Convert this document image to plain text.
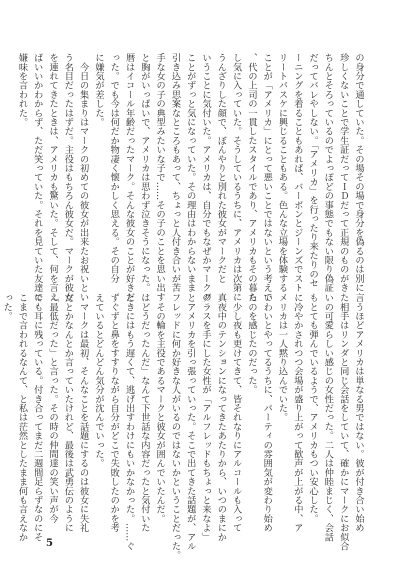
の身分で通していた。その場その場で身分を偽るのは別に
珍しくないことで学生証だってＩＤだって正規のものがき
ちんとそろっているのでよっぽどの事態でもない限り偽証
だってバレやしない。「アメリカ」を行ったり来たりのセ
ーニングを着ることもあれば、バーボンとジーンズでスト
リートバスケに興じることもある。色んな立場を体験する
ことが「アメリカ」にとって悪いことではないという考えで
、代の上司の一貫したスタイルであり、アメリカもその暮ら
し気に入っていた。そうしているうちに、アメリカは次第に
うんざりした顔で、ぼんやりと別れた彼女がマークだと
いうことに気付いた。アメリカは、自分でもなぜかマークの
ことがずっと気になっていた。その理由はわからないまま
引き込み思案なところもあって、ちょっと人付き合いが苦
手な女の子の典型みたいな子で……その子のことを思い出す
と胸がいっぱいで、アメリカは思わず泣きそうになった。
暦はイコール年齢だったマーク。そんな彼女のことが好きだ
った。でも今は何だか物凄く懐かしく思える。その自分
に嫌気が差した。
　今日の集まりはマークの初めての彼女が出来たお祝いとい
う名目だったはずだ。主役はもちろん彼女だ。マークが彼女
を連れてきたときは、アメリカも驚いた。そして、何を言え
ばいいかわからず、ただ笑っていた。それを見ていた友達に
嫌味を言われた。
言うほどアメリカは単なる男ではない。彼が付き合い始め
た相手はリンダと同じ会話をしていて、確かにマークにお似合
いの可愛らしい感じの女性だった。二人は仲睦まじく、会話
もとても弾んでいるようで、アメリカもつい安心した。
に冷やかされつつ会場が盛り上がって歓声が上がる中、ア
メリカは一人黙り込んでいた。
いわいとやってるうちに、パーティの雰囲気が変わり始め
たのを感じたのだった。
　少し夜も更けてきて、皆それなりにアルコールも入って
真夜中のテンションになってきたあたりから、いつのまにか
グラスを手にした女性が「アルフレッドもちょっと来なよ」
とアメリカを引っ張っていった。そこで出てきた話題が、アル
フレッドに何か好きな人がいるのではないかということだった。
　その輪を主役であるマークと彼女が囲んでいたんだ。
はどうだったんだ」なんて下世話な内容だったと気付いた
ときにはもう遅くて、逃げ出すわけにもいかなかった。……ぐ
ずぐずと鼻をすすりながら自分がどこで失敗したのかを考
えているとどんどん気分が沈んでいった。
　マークは最初、そんなことを話題にするのは彼女に失礼
だとかなんとか言っていたけれど、最後は武勇伝のように
「最低だった」と言った。その時の仲間達の笑い声が今
でも耳に残っている。付き合ってまだ二週間足らずなのにそ
こまで言われるなんて、と私は茫然としたまま何も言えなか
った。
5
